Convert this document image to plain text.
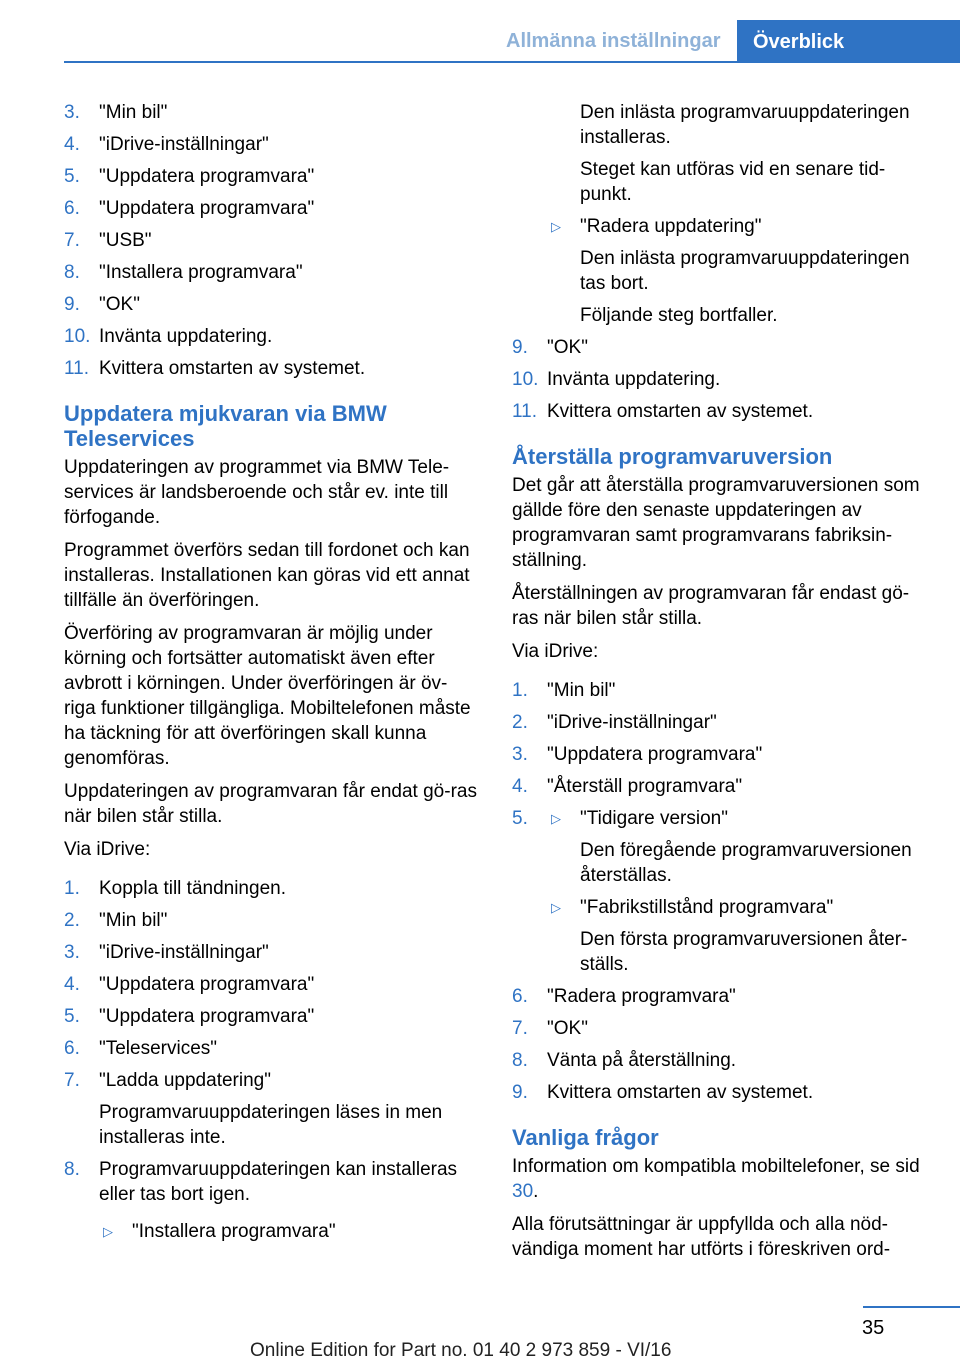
Allmänna inställningar	Överblick
3. "Min bil"
4. "iDrive-inställningar"
5. "Uppdatera programvara"
6. "Uppdatera programvara"
7. "USB"
8. "Installera programvara"
9. "OK"
10. Invänta uppdatering.
11. Kvittera omstarten av systemet.
Uppdatera mjukvaran via BMW Teleservices

Uppdateringen av programmet via BMW Tele‐services är landsberoende och står ev. inte till förfogande.

Programmet överförs sedan till fordonet och kan installeras. Installationen kan göras vid ett annat tillfälle än överföringen.

Överföring av programvaran är möjlig under körning och fortsätter automatiskt även efter avbrott i körningen. Under överföringen är öv‐riga funktioner tillgängliga. Mobiltelefonen måste ha täckning för att överföringen skall kunna genomföras.

Uppdateringen av programvaran får endat gö‐ras när bilen står stilla.

Via iDrive:

1. Koppla till tändningen.
2. "Min bil"
3. "iDrive-inställningar"
4. "Uppdatera programvara"
5. "Uppdatera programvara"
6. "Teleservices"
7. "Ladda uppdatering"
Programvaruuppdateringen läses in men installeras inte.
8. Programvaruuppdateringen kan installeras eller tas bort igen.
▷ "Installera programvara"
Den inlästa programvaruuppdateringen installeras.
Steget kan utföras vid en senare tid‐punkt.
▷ "Radera uppdatering"
Den inlästa programvaruuppdateringen tas bort.
Följande steg bortfaller.
9. "OK"
10. Invänta uppdatering.
11. Kvittera omstarten av systemet.
Återställa programvaruversion

Det går att återställa programvaruversionen som gällde före den senaste uppdateringen av programvaran samt programvarans fabriksin‐ställning.

Återställningen av programvaran får endast gö‐ras när bilen står stilla.

Via iDrive:

1. "Min bil"
2. "iDrive-inställningar"
3. "Uppdatera programvara"
4. "Återställ programvara"
5. ▷ "Tidigare version"
Den föregående programvaruversionen återställas.
▷ "Fabrikstillstånd programvara"
Den första programvaruversionen åter‐ställs.
6. "Radera programvara"
7. "OK"
8. Vänta på återställning.
9. Kvittera omstarten av systemet.
Vanliga frågor

Information om kompatibla mobiltelefoner, se sid 30.

Alla förutsättningar är uppfyllda och alla nöd‐vändiga moment har utförts i föreskriven ord‐

35
Online Edition for Part no. 01 40 2 973 859 - VI/16
